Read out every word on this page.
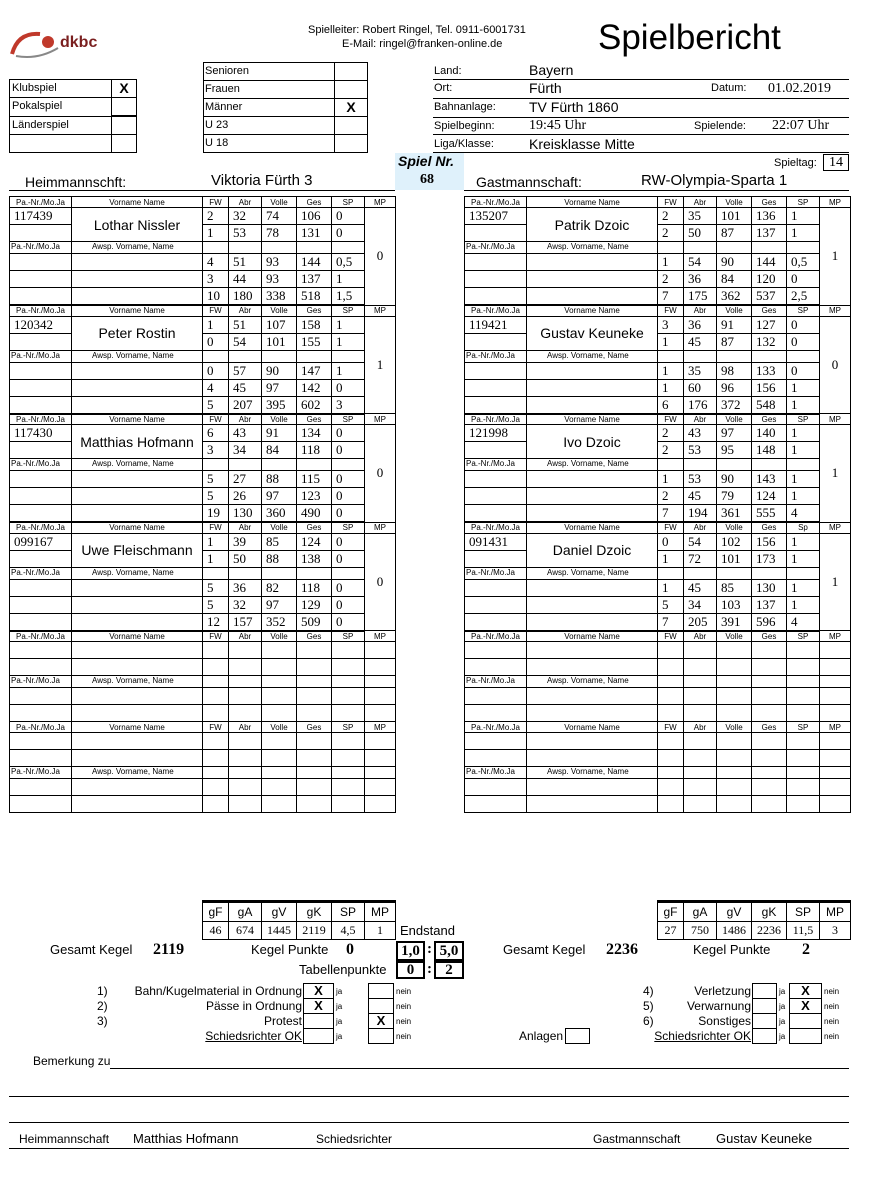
dkbc
Spielleiter: Robert Ringel, Tel. 0911-6001731
E-Mail: ringel@franken-online.de	Spielbericht
Klubspiel	X
Pokalspiel
Länderspiel
Senioren
Frauen
Männer	X
U 23
U 18
Land:	Bayern
Ort:	Fürth	Datum: 01.02.2019
Bahnanlage: TV Fürth 1860
Spielbeginn: 19:45 Uhr	Spielende: 22:07 Uhr
Liga/Klasse:	Kreisklasse Mitte
Spiel Nr.
68
Spieltag: 14
Heimmannschft:	Viktoria Fürth 3	Gastmannschaft:	RW-Olympia-Sparta 1
Pa.-Nr./Mo.Ja	Vorname Name	FW	Abr	Volle	Ges	SP	MP
117439	Lothar Nissler	2	32	74	106	0	0
		1	53	78	131	0	
Pa.-Nr./Mo.Ja	Awsp. Vorname, Name						
		4	51	93	144	0,5	
		3	44	93	137	1	
		10	180	338	518	1,5	
Pa.-Nr./Mo.Ja	Vorname Name	FW	Abr	Volle	Ges	SP	MP
120342	Peter Rostin	1	51	107	158	1	1
		0	54	101	155	1	
Pa.-Nr./Mo.Ja	Awsp. Vorname, Name						
		0	57	90	147	1	
		4	45	97	142	0	
		5	207	395	602	3	
Pa.-Nr./Mo.Ja	Vorname Name	FW	Abr	Volle	Ges	SP	MP
117430	Matthias Hofmann	6	43	91	134	0	0
		3	34	84	118	0	
Pa.-Nr./Mo.Ja	Awsp. Vorname, Name						
		5	27	88	115	0	
		5	26	97	123	0	
		19	130	360	490	0	
Pa.-Nr./Mo.Ja	Vorname Name	FW	Abr	Volle	Ges	SP	MP
099167	Uwe Fleischmann	1	39	85	124	0	0
		1	50	88	138	0	
Pa.-Nr./Mo.Ja	Awsp. Vorname, Name						
		5	36	82	118	0	
		5	32	97	129	0	
		12	157	352	509	0	
Pa.-Nr./Mo.Ja	Vorname Name	FW	Abr	Volle	Ges	SP	MP

Pa.-Nr./Mo.Ja	Awsp. Vorname, Name						

Pa.-Nr./Mo.Ja	Vorname Name	FW	Abr	Volle	Ges	SP	MP

Pa.-Nr./Mo.Ja	Awsp. Vorname, Name						

Pa.-Nr./Mo.Ja	Vorname Name	FW	Abr	Volle	Ges	SP	MP
135207	Patrik Dzoic	2	35	101	136	1	1
		2	50	87	137	1	
Pa.-Nr./Mo.Ja	Awsp. Vorname, Name						
		1	54	90	144	0,5	
		2	36	84	120	0	
		7	175	362	537	2,5	
Pa.-Nr./Mo.Ja	Vorname Name	FW	Abr	Volle	Ges	SP	MP
119421	Gustav Keuneke	3	36	91	127	0	0
		1	45	87	132	0	
Pa.-Nr./Mo.Ja	Awsp. Vorname, Name						
		1	35	98	133	0	
		1	60	96	156	1	
		6	176	372	548	1	
Pa.-Nr./Mo.Ja	Vorname Name	FW	Abr	Volle	Ges	SP	MP
121998	Ivo Dzoic	2	43	97	140	1	1
		2	53	95	148	1	
Pa.-Nr./Mo.Ja	Awsp. Vorname, Name						
		1	53	90	143	1	
		2	45	79	124	1	
		7	194	361	555	4	
Pa.-Nr./Mo.Ja	Vorname Name	FW	Abr	Volle	Ges	Sp	MP
091431	Daniel Dzoic	0	54	102	156	1	1
		1	72	101	173	1	
Pa.-Nr./Mo.Ja	Awsp. Vorname, Name						
		1	45	85	130	1	
		5	34	103	137	1	
		7	205	391	596	4	
Pa.-Nr./Mo.Ja	Vorname Name	FW	Abr	Volle	Ges	SP	MP

Pa.-Nr./Mo.Ja	Awsp. Vorname, Name						

Pa.-Nr./Mo.Ja	Vorname Name	FW	Abr	Volle	Ges	SP	MP

Pa.-Nr./Mo.Ja	Awsp. Vorname, Name						

gF	gA	gV	gK	SP	MP
46	674	1445	2119	4,5	1
gF	gA	gV	gK	SP	MP
27	750	1486	2236	11,5	3
Endstand
Gesamt Kegel 2119	Kegel Punkte 0	1,0 : 5,0	Gesamt Kegel 2236	Kegel Punkte 2
Tabellenpunkte	0 : 2
1) Bahn/Kugelmaterial in Ordnung X	ja	nein
2)	Pässe in Ordnung X	ja	nein
3)	Protest	ja	X	nein
Schiedsrichter OK	ja	nein
4)	Verletzung	ja	X	nein
5)	Verwarnung	ja	X	nein
6)	Sonstiges	ja	nein
Schiedsrichter OK	ja	nein
Anlagen
Bemerkung zu
Heimmannschaft Matthias Hofmann	Schiedsrichter	Gastmannschaft	Gustav Keuneke
